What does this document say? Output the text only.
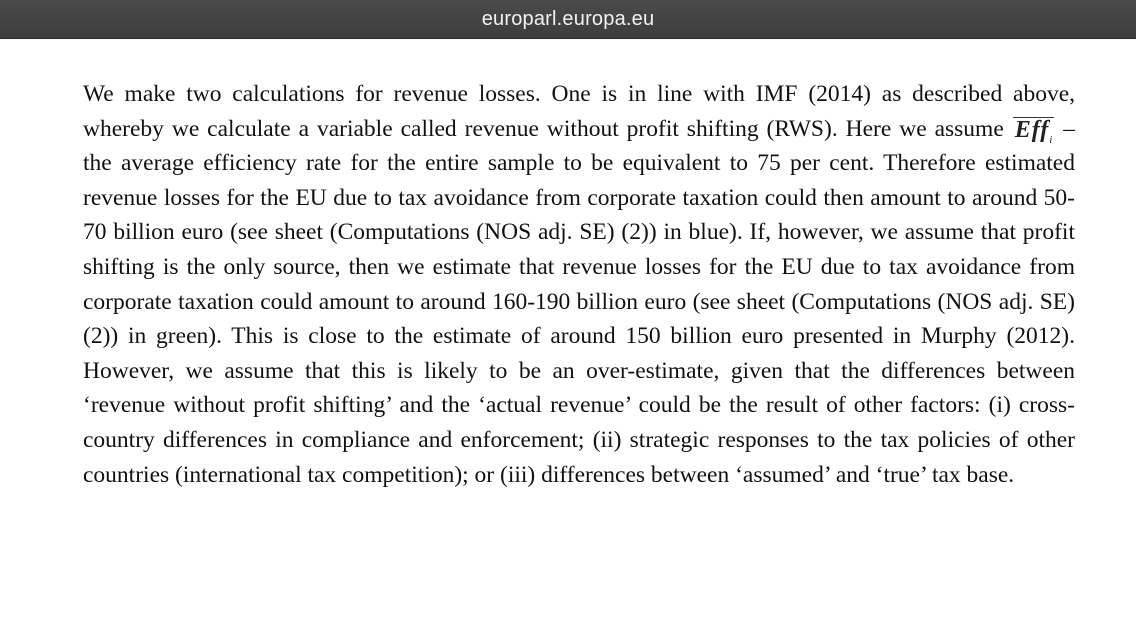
europarl.europa.eu

We make two calculations for revenue losses. One is in line with IMF (2014) as described above, whereby we calculate a variable called revenue without profit shifting (RWS). Here we assume Eff$_i$ – the average efficiency rate for the entire sample to be equivalent to 75 per cent. Therefore estimated revenue losses for the EU due to tax avoidance from corporate taxation could then amount to around 50-70 billion euro (see sheet (Computations (NOS adj. SE) (2)) in blue). If, however, we assume that profit shifting is the only source, then we estimate that revenue losses for the EU due to tax avoidance from corporate taxation could amount to around 160-190 billion euro (see sheet (Computations (NOS adj. SE) (2)) in green). This is close to the estimate of around 150 billion euro presented in Murphy (2012). However, we assume that this is likely to be an over-estimate, given that the differences between ‘revenue without profit shifting’ and the ‘actual revenue’ could be the result of other factors: (i) cross-country differences in compliance and enforcement; (ii) strategic responses to the tax policies of other countries (international tax competition); or (iii) differences between ‘assumed’ and ‘true’ tax base.
